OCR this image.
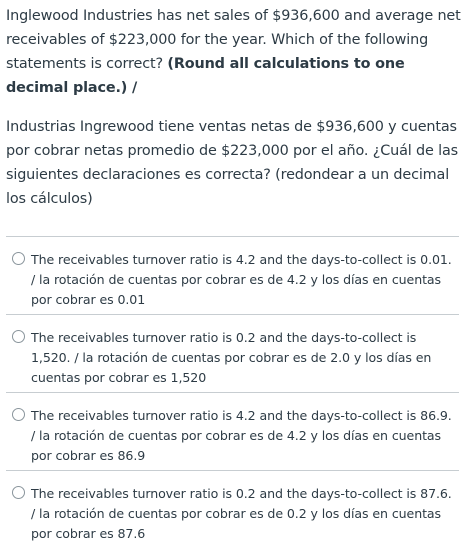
Inglewood Industries has net sales of $936,600 and average net receivables of $223,000 for the year. Which of the following statements is correct? (Round all calculations to one decimal place.) /

Industrias Ingrewood tiene ventas netas de $936,600 y cuentas por cobrar netas promedio de $223,000 por el año. ¿Cuál de las siguientes declaraciones es correcta? (redondear a un decimal los cálculos)

The receivables turnover ratio is 4.2 and the days-to-collect is 0.01. / la rotación de cuentas por cobrar es de 4.2 y los días en cuentas por cobrar es 0.01
The receivables turnover ratio is 0.2 and the days-to-collect is 1,520. / la rotación de cuentas por cobrar es de 2.0 y los días en cuentas por cobrar es 1,520
The receivables turnover ratio is 4.2 and the days-to-collect is 86.9. / la rotación de cuentas por cobrar es de 4.2 y los días en cuentas por cobrar es 86.9
The receivables turnover ratio is 0.2 and the days-to-collect is 87.6. / la rotación de cuentas por cobrar es de 0.2 y los días en cuentas por cobrar es 87.6
